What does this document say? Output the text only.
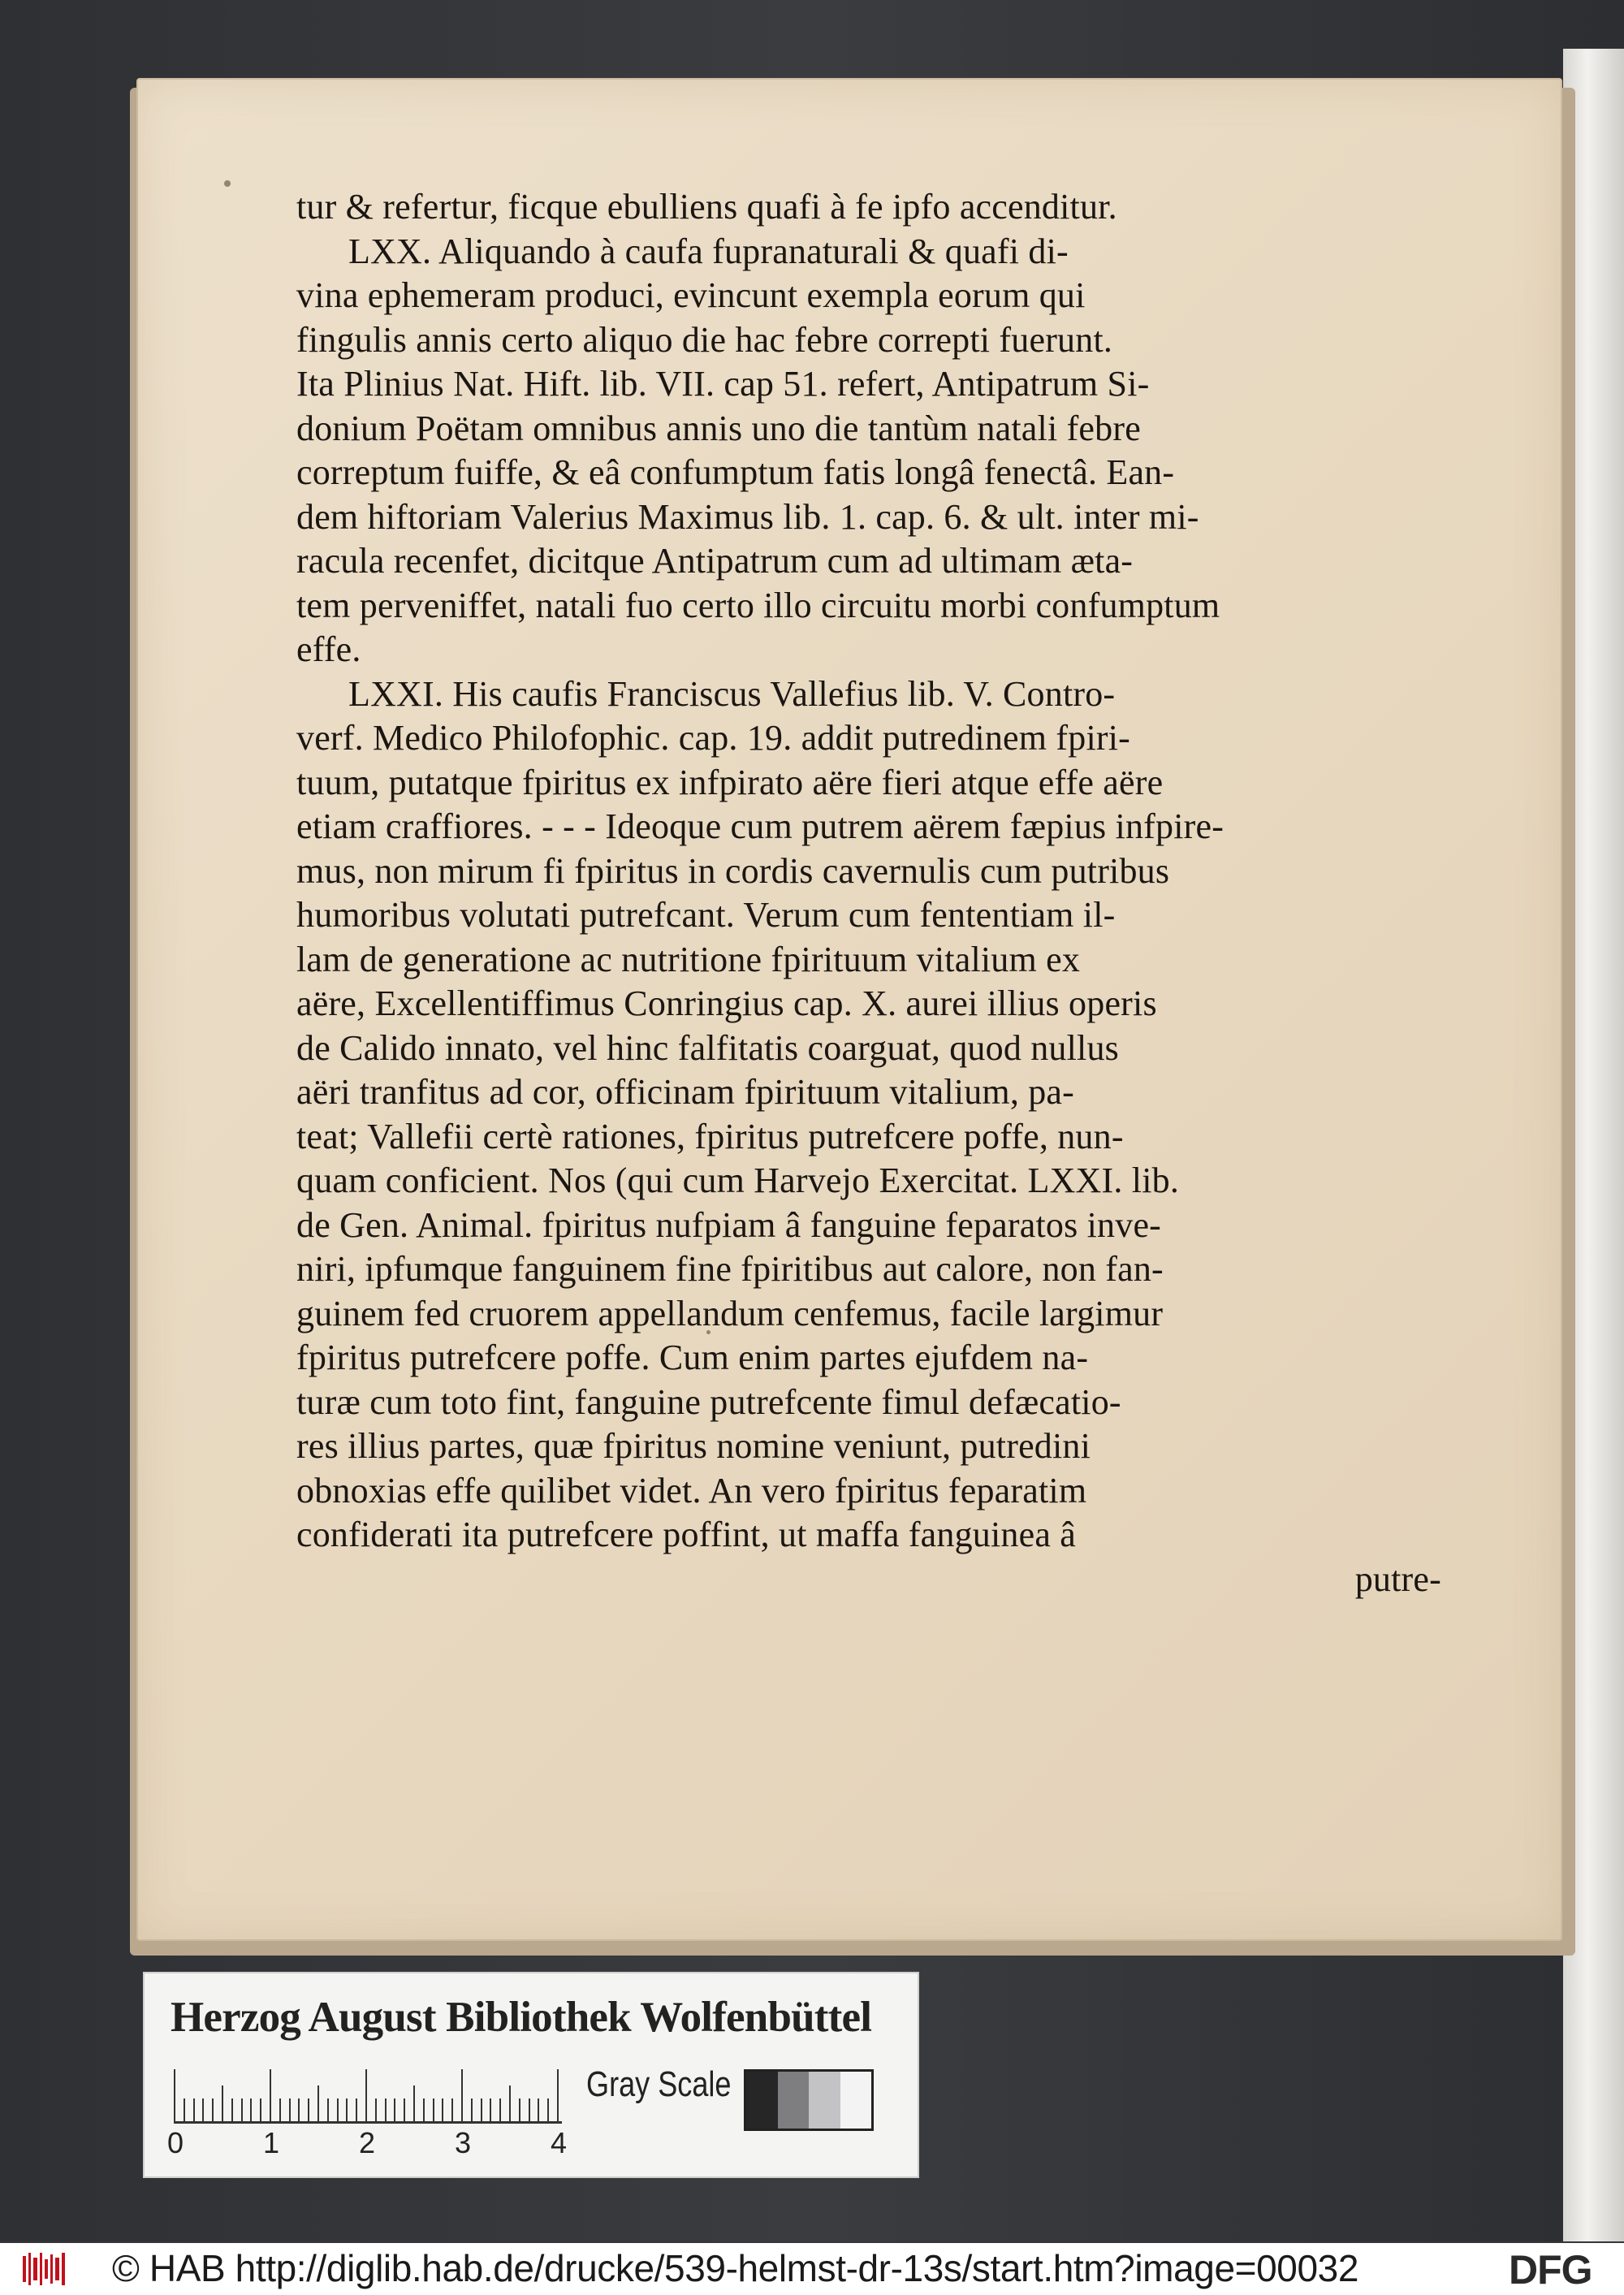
tur & refertur, ficque ebulliens quafi à fe ipfo accenditur.
LXX. Aliquando à caufa fupranaturali & quafi di-
vina ephemeram produci, evincunt exempla eorum qui
fingulis annis certo aliquo die hac febre correpti fuerunt.
Ita Plinius Nat. Hift. lib. VII. cap 51. refert, Antipatrum Si-
donium Poëtam omnibus annis uno die tantùm natali febre
correptum fuiffe, & eâ confumptum fatis longâ fenectâ. Ean-
dem hiftoriam Valerius Maximus lib. 1. cap. 6. & ult. inter mi-
racula recenfet, dicitque Antipatrum cum ad ultimam æta-
tem perveniffet, natali fuo certo illo circuitu morbi confumptum
effe.
LXXI. His caufis Franciscus Vallefius lib. V. Contro-
verf. Medico Philofophic. cap. 19. addit putredinem fpiri-
tuum, putatque fpiritus ex infpirato aëre fieri atque effe aëre
etiam craffiores. - - - Ideoque cum putrem aërem fæpius infpire-
mus, non mirum fi fpiritus in cordis cavernulis cum putribus
humoribus volutati putrefcant. Verum cum fententiam il-
lam de generatione ac nutritione fpirituum vitalium ex
aëre, Excellentiffimus Conringius cap. X. aurei illius operis
de Calido innato, vel hinc falfitatis coarguat, quod nullus
aëri tranfitus ad cor, officinam fpirituum vitalium, pa-
teat; Vallefii certè rationes, fpiritus putrefcere poffe, nun-
quam conficient. Nos (qui cum Harvejo Exercitat. LXXI. lib.
de Gen. Animal. fpiritus nufpiam â fanguine feparatos inve-
niri, ipfumque fanguinem fine fpiritibus aut calore, non fan-
guinem fed cruorem appellandum cenfemus, facile largimur
fpiritus putrefcere poffe. Cum enim partes ejufdem na-
turæ cum toto fint, fanguine putrefcente fimul defæcatio-
res illius partes, quæ fpiritus nomine veniunt, putredini
obnoxias effe quilibet videt. An vero fpiritus feparatim
confiderati ita putrefcere poffint, ut maffa fanguinea â
putre-
Herzog August Bibliothek Wolfenbüttel
0	1	2	3	4
Gray Scale
© HAB http://diglib.hab.de/drucke/539-helmst-dr-13s/start.htm?image=00032	DFG
